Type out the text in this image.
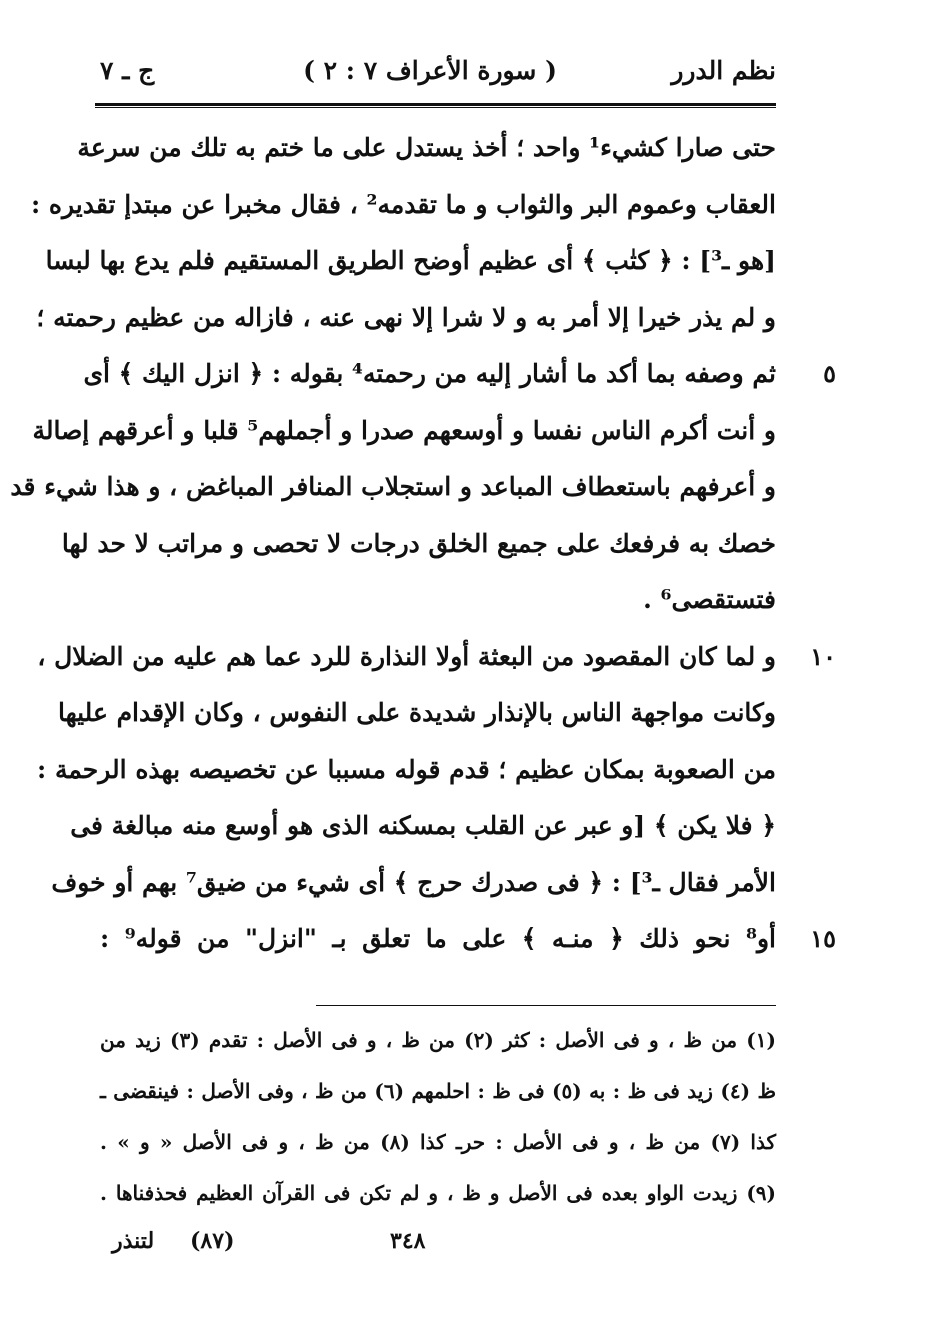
نظم الدرر
( سورة الأعراف ٧ : ٢ )
ج ـ ٧
حتى صارا كشيء¹ واحد ؛ أخذ يستدل على ما ختم به تلك من سرعة
العقاب وعموم البر والثواب و ما تقدمه² ، فقال مخبرا عن مبتدإ تقديره :
[هو ـ³] : ﴿ كتٰب ﴾ أى عظيم أوضح الطريق المستقيم فلم يدع بها لبسا
و لم يذر خيرا إلا أمر به و لا شرا إلا نهى عنه ، فازاله من عظيم رحمته ؛
٥
ثم وصفه بما أكد ما أشار إليه من رحمته⁴ بقوله : ﴿ انزل اليك ﴾ أى
و أنت أكرم الناس نفسا و أوسعهم صدرا و أجملهم⁵ قلبا و أعرقهم إصالة
و أعرفهم باستعطاف المباعد و استجلاب المنافر المباغض ، و هذا شيء قد
خصك به فرفعك على جميع الخلق درجات لا تحصى و مراتب لا حد لها
فتستقصى⁶ .
١٠
و لما كان المقصود من البعثة أولا النذارة للرد عما هم عليه من الضلال ،
وكانت مواجهة الناس بالإنذار شديدة على النفوس ، وكان الإقدام عليها
من الصعوبة بمكان عظيم ؛ قدم قوله مسببا عن تخصيصه بهذه الرحمة :
﴿ فلا يكن ﴾ [و عبر عن القلب بمسكنه الذى هو أوسع منه مبالغة فى
الأمر فقال ـ³] : ﴿ فى صدرك حرج ﴾ أى شيء من ضيق⁷ بهم أو خوف
١٥
أو⁸ نحو ذلك ﴿ منـه ﴾ على ما تعلق بـ "انزل" من قوله⁹ :
(١) من ظ ، و فى الأصل : كثر (٢) من ظ ، و فى الأصل : تقدم (٣) زيد من
ظ (٤) زيد فى ظ : به (٥) فى ظ : احلمهم (٦) من ظ ، وفى الأصل : فينقضى ـ
كذا (٧) من ظ ، و فى الأصل : حرـ كذا (٨) من ظ ، و فى الأصل « و » .
(٩) زيدت الواو بعده فى الأصل و ظ ، و لم تكن فى القرآن العظيم فحذفناها .
٣٤٨
(٨٧)
لتنذر
